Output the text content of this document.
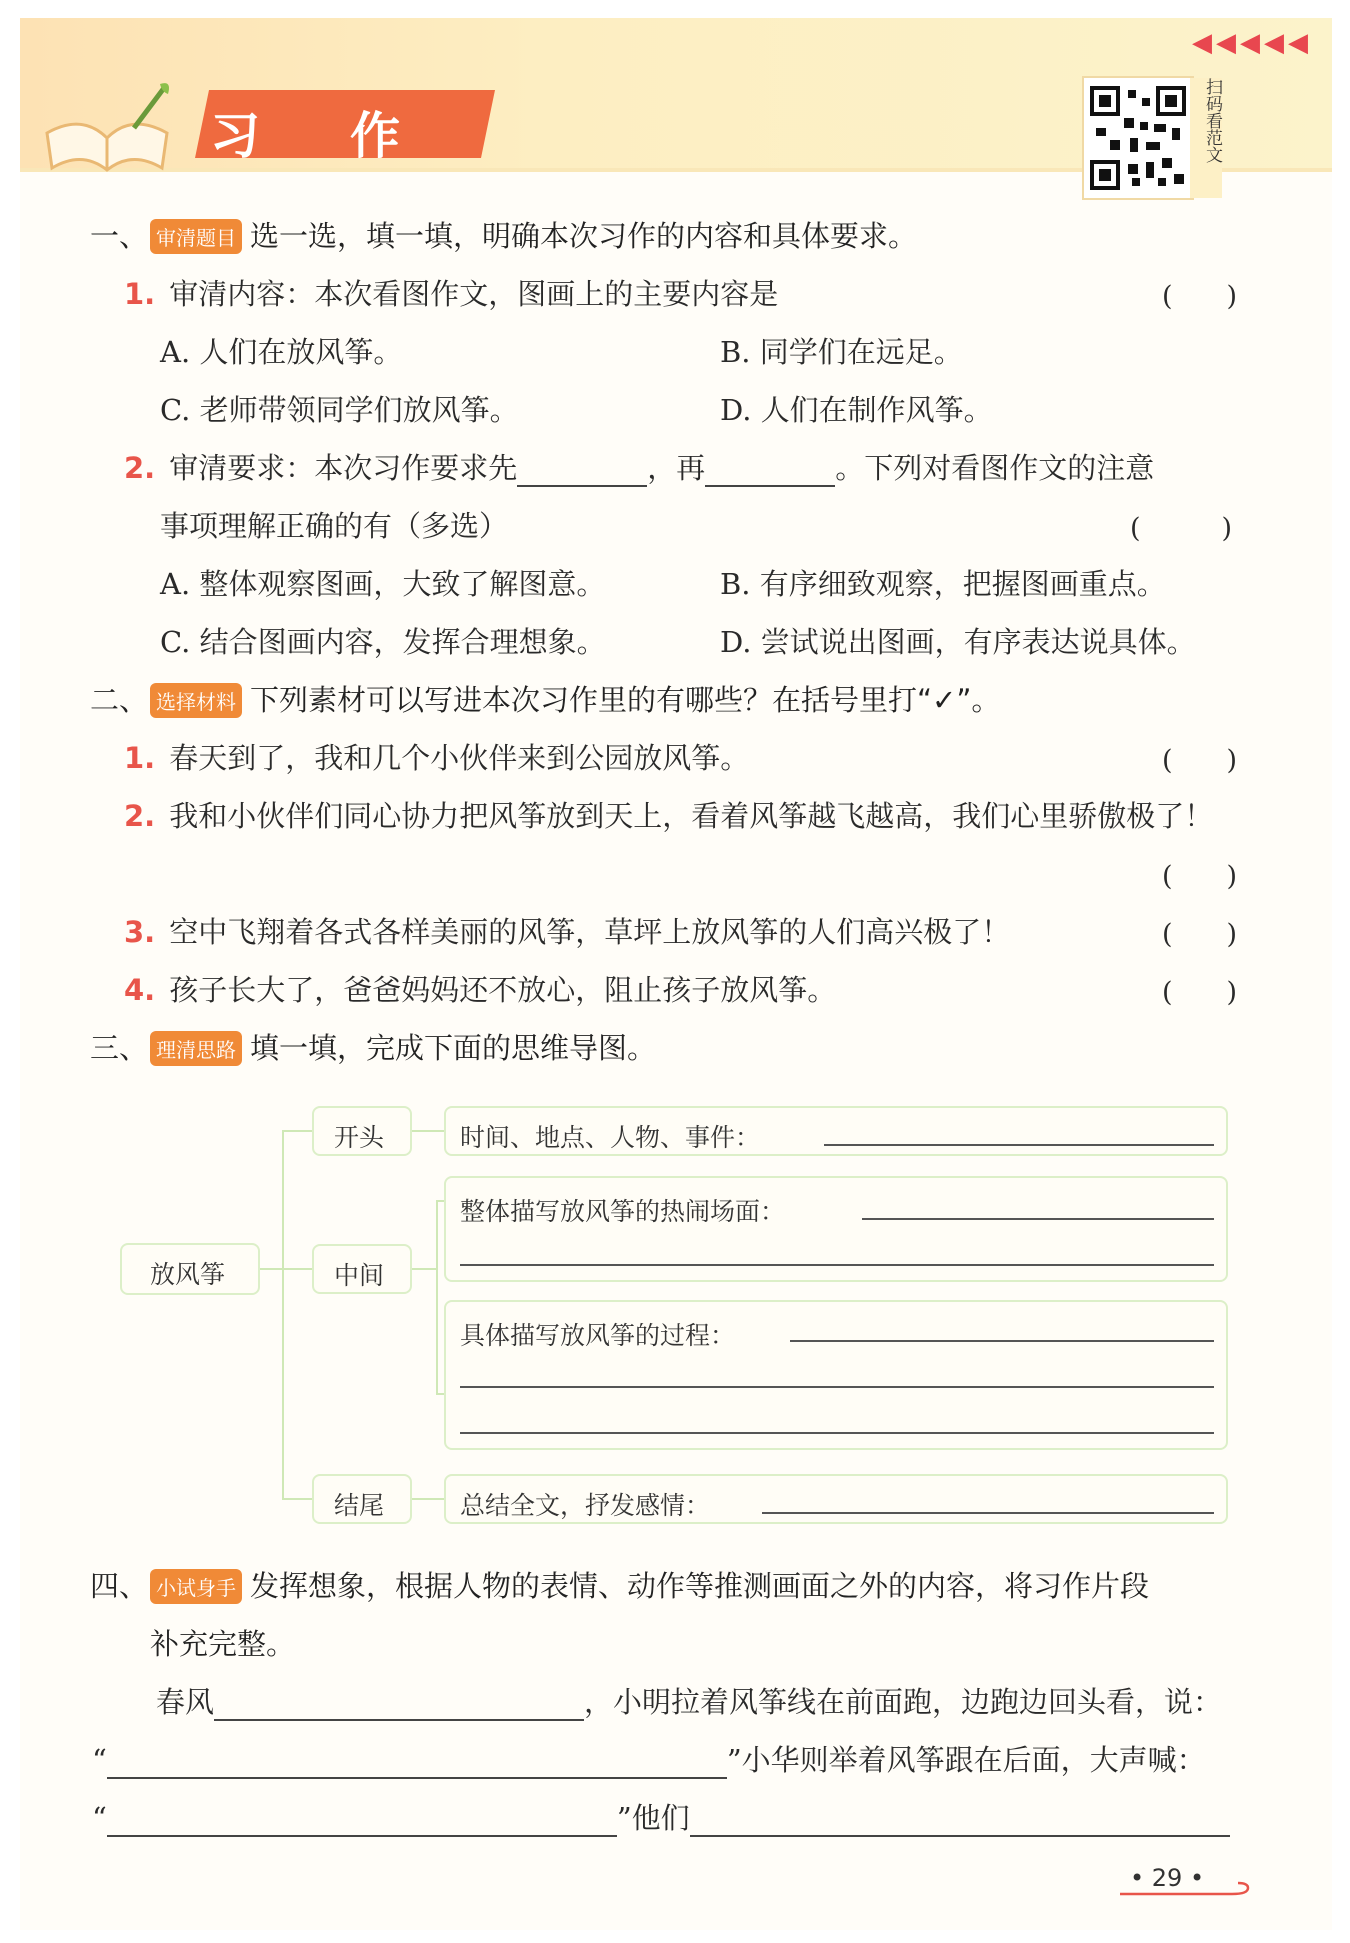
习 作
◀◀◀◀◀
扫码看范文
一、 审清题目 选一选，填一填，明确本次习作的内容和具体要求。
1. 审清内容：本次看图作文，图画上的主要内容是	(　　)
A. 人们在放风筝。	B. 同学们在远足。
C. 老师带领同学们放风筝。	D. 人们在制作风筝。
2. 审清要求：本次习作要求先	，再	。下列对看图作文的注意
事项理解正确的有（多选）	(　　　)
A. 整体观察图画，大致了解图意。	B. 有序细致观察，把握图画重点。
C. 结合图画内容，发挥合理想象。	D. 尝试说出图画，有序表达说具体。
二、 选择材料 下列素材可以写进本次习作里的有哪些？在括号里打“✓”。
1. 春天到了，我和几个小伙伴来到公园放风筝。	(　　)
2. 我和小伙伴们同心协力把风筝放到天上，看着风筝越飞越高，我们心里骄傲极了！
(　　)
3. 空中飞翔着各式各样美丽的风筝，草坪上放风筝的人们高兴极了！	(　　)
4. 孩子长大了，爸爸妈妈还不放心，阻止孩子放风筝。	(　　)
三、 理清思路 填一填，完成下面的思维导图。
放风筝
开头
中间
结尾
时间、地点、人物、事件：
整体描写放风筝的热闹场面：
具体描写放风筝的过程：
总结全文，抒发感情：
四、 小试身手 发挥想象，根据人物的表情、动作等推测画面之外的内容，将习作片段
补充完整。
春风	，小明拉着风筝线在前面跑，边跑边回头看，说：
“	”小华则举着风筝跟在后面，大声喊：
“	”他们
• 29 •
